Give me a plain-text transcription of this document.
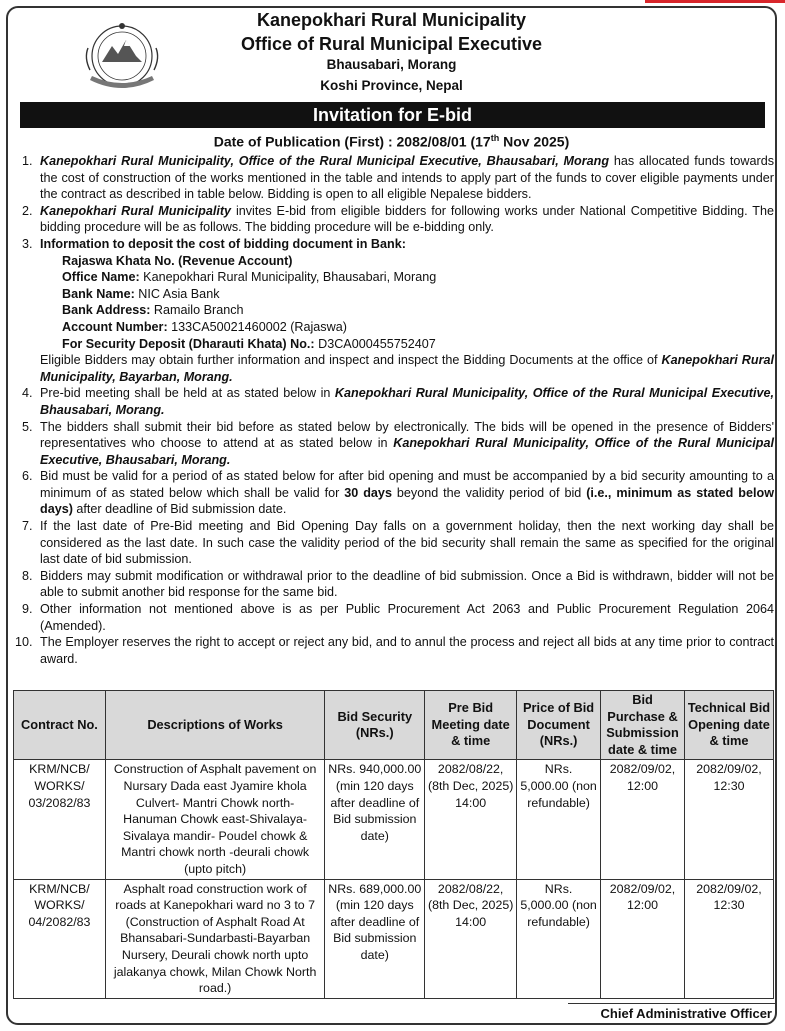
Kanepokhari Rural Municipality
Office of Rural Municipal Executive
Bhausabari, Morang
Koshi Province, Nepal
Invitation for E-bid
Date of Publication (First) : 2082/08/01 (17th Nov 2025)
1. Kanepokhari Rural Municipality, Office of the Rural Municipal Executive, Bhausabari, Morang has allocated funds towards the cost of construction of the works mentioned in the table and intends to apply part of the funds to cover eligible payments under the contract as described in table below. Bidding is open to all eligible Nepalese bidders.
2. Kanepokhari Rural Municipality invites E-bid from eligible bidders for following works under National Competitive Bidding. The bidding procedure will be as follows. The bidding procedure will be e-bidding only.
3. Information to deposit the cost of bidding document in Bank:
Rajaswa Khata No. (Revenue Account)
Office Name: Kanepokhari Rural Municipality, Bhausabari, Morang
Bank Name: NIC Asia Bank
Bank Address: Ramailo Branch
Account Number: 133CA50021460002 (Rajaswa)
For Security Deposit (Dharauti Khata) No.: D3CA000455752407
Eligible Bidders may obtain further information and inspect and inspect the Bidding Documents at the office of Kanepokhari Rural Municipality, Bayarban, Morang.
4. Pre-bid meeting shall be held at as stated below in Kanepokhari Rural Municipality, Office of the Rural Municipal Executive, Bhausabari, Morang.
5. The bidders shall submit their bid before as stated below by electronically. The bids will be opened in the presence of Bidders' representatives who choose to attend at as stated below in Kanepokhari Rural Municipality, Office of the Rural Municipal Executive, Bhausabari, Morang.
6. Bid must be valid for a period of as stated below for after bid opening and must be accompanied by a bid security amounting to a minimum of as stated below which shall be valid for 30 days beyond the validity period of bid (i.e., minimum as stated below days) after deadline of Bid submission date.
7. If the last date of Pre-Bid meeting and Bid Opening Day falls on a government holiday, then the next working day shall be considered as the last date. In such case the validity period of the bid security shall remain the same as specified for the original last date of bid submission.
8. Bidders may submit modification or withdrawal prior to the deadline of bid submission. Once a Bid is withdrawn, bidder will not be able to submit another bid response for the same bid.
9. Other information not mentioned above is as per Public Procurement Act 2063 and Public Procurement Regulation 2064 (Amended).
10. The Employer reserves the right to accept or reject any bid, and to annul the process and reject all bids at any time prior to contract award.
Contract No.	Descriptions of Works	Bid Security (NRs.)	Pre Bid Meeting date & time	Price of Bid Document (NRs.)	Bid Purchase & Submission date & time	Technical Bid Opening date & time
KRM/NCB/ WORKS/ 03/2082/83	Construction of Asphalt pavement on Nursary Dada east Jyamire khola Culvert- Mantri Chowk north- Hanuman Chowk east-Shivalaya- Sivalaya mandir- Poudel chowk & Mantri chowk north -deurali chowk (upto pitch)	NRs. 940,000.00 (min 120 days after deadline of Bid submission date)	2082/08/22, (8th Dec, 2025) 14:00	NRs. 5,000.00 (non refundable)	2082/09/02, 12:00	2082/09/02, 12:30
KRM/NCB/ WORKS/ 04/2082/83	Asphalt road construction work of roads at Kanepokhari ward no 3 to 7 (Construction of Asphalt Road At Bhansabari-Sundarbasti-Bayarban Nursery, Deurali chowk north upto jalakanya chowk, Milan Chowk North road.)	NRs. 689,000.00 (min 120 days after deadline of Bid submission date)	2082/08/22, (8th Dec, 2025) 14:00	NRs. 5,000.00 (non refundable)	2082/09/02, 12:00	2082/09/02, 12:30
Chief Administrative Officer
